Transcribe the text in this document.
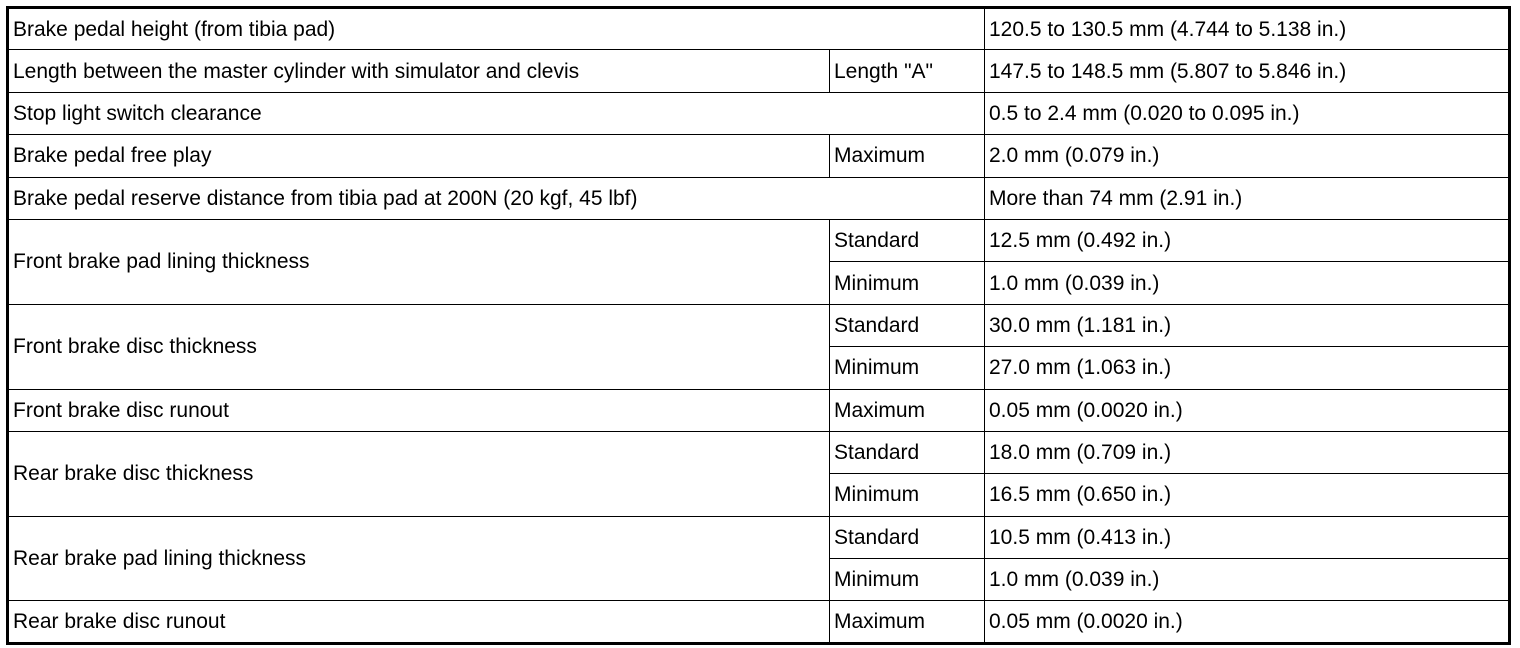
Brake pedal height (from tibia pad)		120.5 to 130.5 mm (4.744 to 5.138 in.)
Length between the master cylinder with simulator and clevis	Length "A"	147.5 to 148.5 mm (5.807 to 5.846 in.)
Stop light switch clearance		0.5 to 2.4 mm (0.020 to 0.095 in.)
Brake pedal free play	Maximum	2.0 mm (0.079 in.)
Brake pedal reserve distance from tibia pad at 200N (20 kgf, 45 lbf)		More than 74 mm (2.91 in.)
Front brake pad lining thickness	Standard	12.5 mm (0.492 in.)
	Minimum	1.0 mm (0.039 in.)
Front brake disc thickness	Standard	30.0 mm (1.181 in.)
	Minimum	27.0 mm (1.063 in.)
Front brake disc runout	Maximum	0.05 mm (0.0020 in.)
Rear brake disc thickness	Standard	18.0 mm (0.709 in.)
	Minimum	16.5 mm (0.650 in.)
Rear brake pad lining thickness	Standard	10.5 mm (0.413 in.)
	Minimum	1.0 mm (0.039 in.)
Rear brake disc runout	Maximum	0.05 mm (0.0020 in.)
